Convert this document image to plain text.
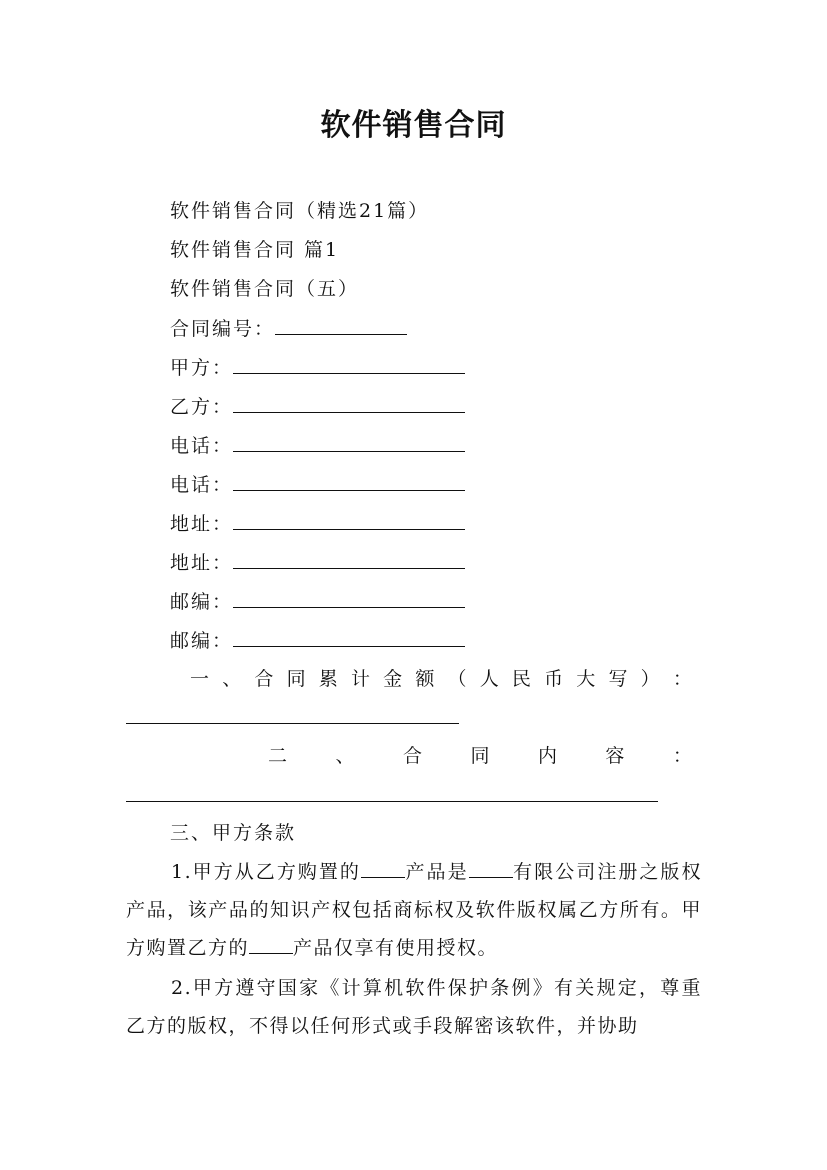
软件销售合同
软件销售合同（精选21篇）
软件销售合同 篇1
软件销售合同（五）
合同编号：
甲方：
乙方：
电话：
电话：
地址：
地址：
邮编：
邮编：
一 、 合 同 累 计 金 额 （ 人 民 币 大 写 ） ：
二	、	合	同	内	容	：
三、甲方条款
1.甲方从乙方购置的 产品是 有限公司注册之版权产品，该产品的知识产权包括商标权及软件版权属乙方所有。甲方购置乙方的 产品仅享有使用授权。
2.甲方遵守国家《计算机软件保护条例》有关规定，尊重乙方的版权，不得以任何形式或手段解密该软件，并协助
